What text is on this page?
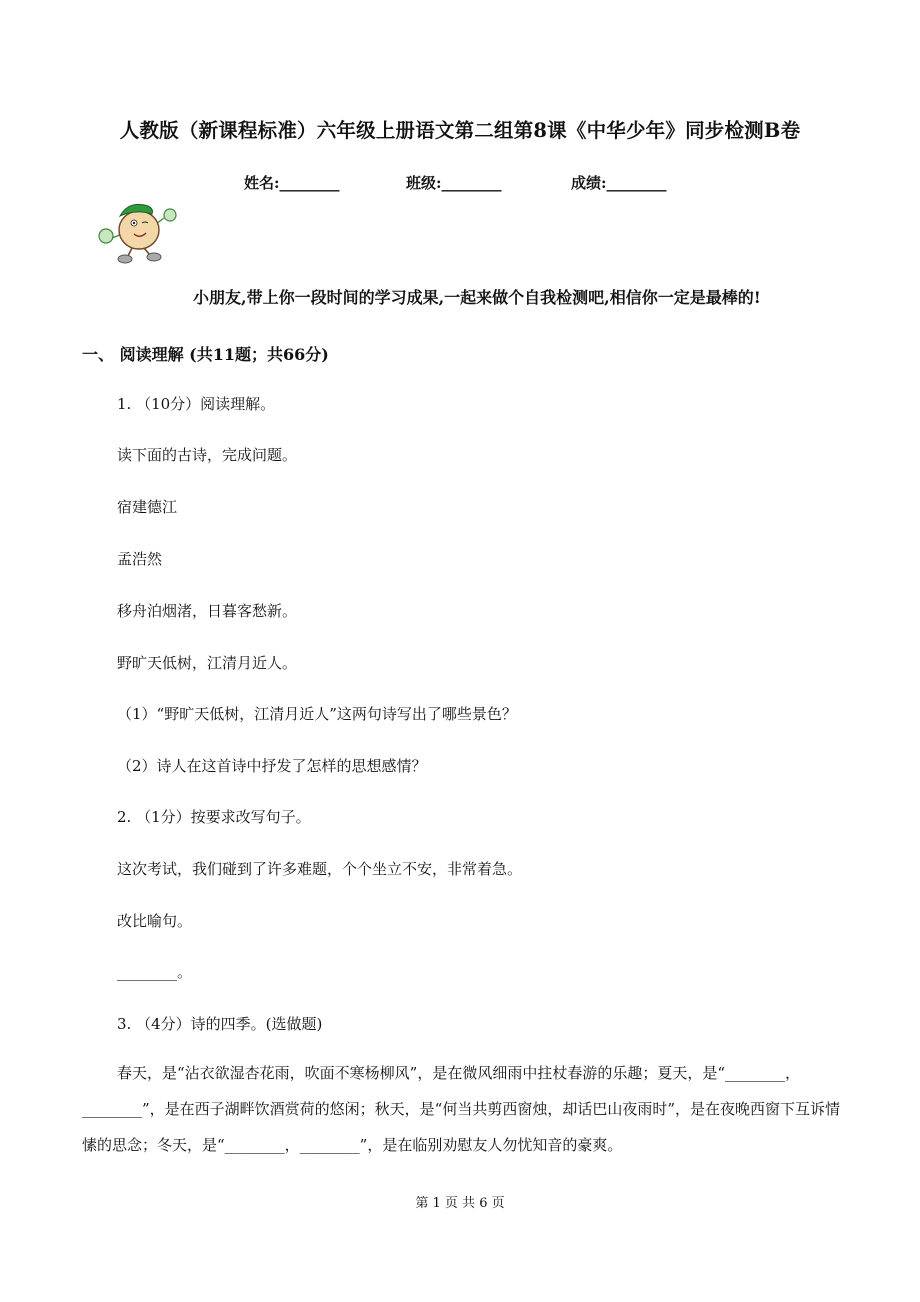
人教版（新课程标准）六年级上册语文第二组第8课《中华少年》同步检测B卷
姓名:________	班级:________	成绩:________
小朋友,带上你一段时间的学习成果,一起来做个自我检测吧,相信你一定是最棒的!
一、 阅读理解 (共11题；共66分)
1. （10分）阅读理解。
读下面的古诗，完成问题。
宿建德江
孟浩然
移舟泊烟渚，日暮客愁新。
野旷天低树，江清月近人。
（1）“野旷天低树，江清月近人”这两句诗写出了哪些景色？
（2）诗人在这首诗中抒发了怎样的思想感情？
2. （1分）按要求改写句子。
这次考试，我们碰到了许多难题，个个坐立不安，非常着急。
改比喻句。
________。
3. （4分）诗的四季。(选做题)
春天，是“沾衣欲湿杏花雨，吹面不寒杨柳风”，是在微风细雨中拄杖春游的乐趣；夏天，是“________，________”，是在西子湖畔饮酒赏荷的悠闲；秋天，是“何当共剪西窗烛，却话巴山夜雨时”，是在夜晚西窗下互诉情愫的思念；冬天，是“________，________”，是在临别劝慰友人勿忧知音的豪爽。
第 1 页 共 6 页
